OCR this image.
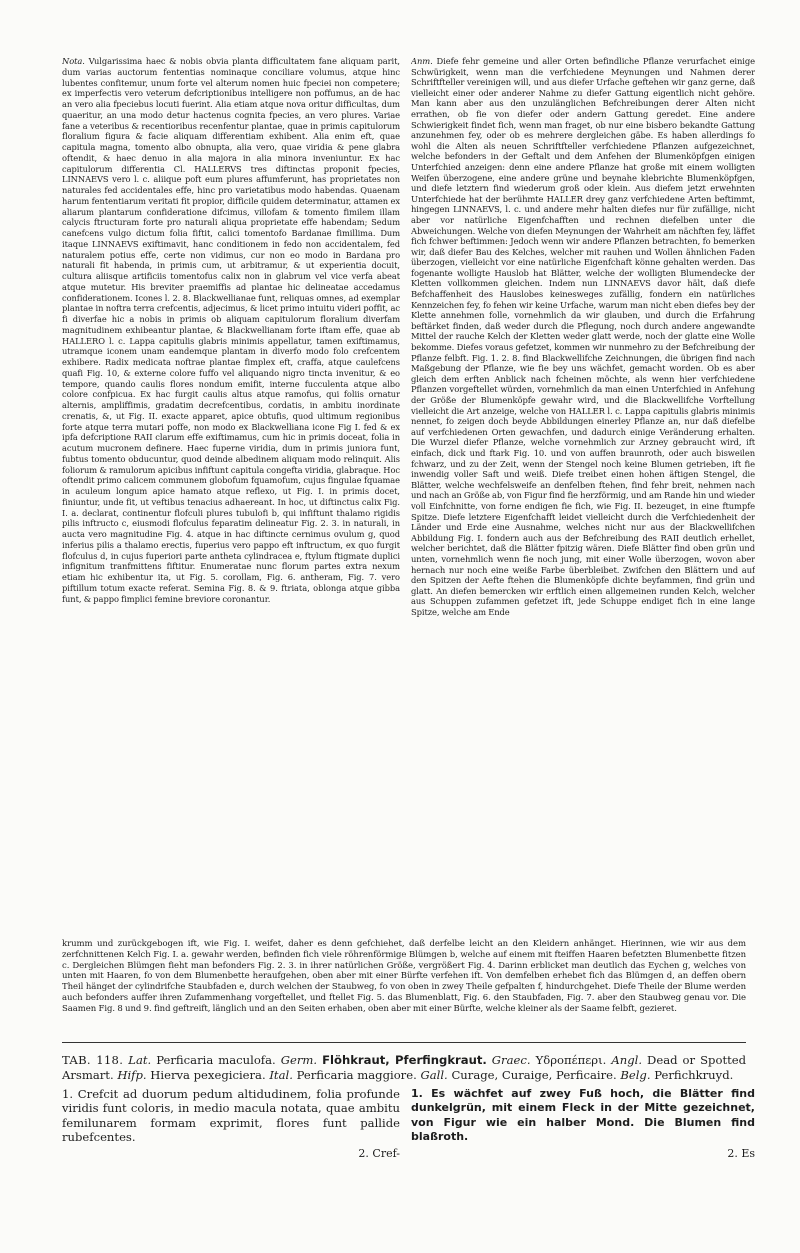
Nota. Vulgarissima haec & nobis obvia planta difficultatem fane aliquam parit, dum varias auctorum fententias nominaque conciliare volumus, atque hinc lubentes confitemur, unum forte vel alterum nomen huic fpeciei non competere; ex imperfectis vero veterum defcriptionibus intelligere non poffumus, an de hac an vero alia fpeciebus locuti fuerint. Alia etiam atque nova oritur difficultas, dum quaeritur, an una modo detur hactenus cognita fpecies, an vero plures. Variae fane a veteribus & recentioribus recenfentur plantae, quae in primis capitulorum floralium figura & facie aliquam differentiam exhibent. Alia enim eft, quae capitula magna, tomento albo obnupta, alia vero, quae viridia & pene glabra oftendit, & haec denuo in alia majora in alia minora inveniuntur. Ex hac capitulorum differentia Cl. HALLERVS tres diftinctas proponit fpecies, LINNAEVS vero l. c. aliique poft eum plures affumferunt, has proprietates non naturales fed accidentales effe, hinc pro varietatibus modo habendas. Quaenam harum fententiarum veritati fit propior, difficile quidem determinatur, attamen ex aliarum plantarum confideratione difcimus, villofam & tomento fimilem illam calycis ftructuram forte pro naturali aliqua proprietate effe habendam; Sedum canefcens vulgo dictum folia fiftit, calici tomentofo Bardanae fimillima. Dum itaque LINNAEVS exiftimavit, hanc conditionem in fedo non accidentalem, fed naturalem potius effe, certe non vidimus, cur non eo modo in Bardana pro naturali fit habenda, in primis cum, ut arbitramur, & ut experientia docuit, cultura aliisque artificiis tomentofus calix non in glabrum vel vice verfa abeat atque mutetur. His breviter praemiffis ad plantae hic delineatae accedamus confiderationem. Icones l. 2. 8. Blackwellianae funt, reliquas omnes, ad exemplar plantae in noftra terra crefcentis, adjecimus, & licet primo intuitu videri poffit, ac fi diverfae hic a nobis in primis ob aliquam capitulorum floralium diverfam magnitudinem exhibeantur plantae, & Blackwellianam forte iftam effe, quae ab HALLERO l. c. Lappa capitulis glabris minimis appellatur, tamen exiftimamus, utramque iconem unam eandemque plantam in diverfo modo folo crefcentem exhibere. Radix medicata noftrae plantae fimplex eft, craffa, atque caulefcens quafi Fig. 10, & externe colore fuffo vel aliquando nigro tincta invenitur, & eo tempore, quando caulis flores nondum emifit, interne fucculenta atque albo colore confpicua. Ex hac furgit caulis altus atque ramofus, qui foliis ornatur alternis, ampliffimis, gradatim decrefcentibus, cordatis, in ambitu inordinate crenatis, &, ut Fig. II. exacte apparet, apice obtufis, quod ultimum regionibus forte atque terra mutari poffe, non modo ex Blackwelliana icone Fig I. fed & ex ipfa defcriptione RAII clarum effe exiftimamus, cum hic in primis doceat, folia in acutum mucronem definere. Haec fuperne viridia, dum in primis juniora funt, fubtus tomento obducuntur, quod deinde albedinem aliquam modo relinquit. Alis foliorum & ramulorum apicibus infiftunt capitula congefta viridia, glabraque. Hoc oftendit primo calicem communem globofum fquamofum, cujus fingulae fquamae in aculeum longum apice hamato atque reflexo, ut Fig. I. in primis docet, finiuntur, unde fit, ut veftibus tenacius adhaereant. In hoc, ut diftinctus calix Fig. I. a. declarat, continentur flofculi plures tubulofi b, qui infiftunt thalamo rigidis pilis inftructo c, eiusmodi flofculus feparatim delineatur Fig. 2. 3. in naturali, in aucta vero magnitudine Fig. 4. atque in hac diftincte cernimus ovulum g, quod inferius pilis a thalamo erectis, fuperius vero pappo eft inftructum, ex quo furgit flofculus d, in cujus fuperiori parte antheta cylindracea e, ftylum ftigmate duplici infignitum tranfmittens fiftitur. Enumeratae nunc florum partes extra nexum etiam hic exhibentur ita, ut Fig. 5. corollam, Fig. 6. antheram, Fig. 7. vero piftillum totum exacte referat. Semina Fig. 8. & 9. ftriata, oblonga atque gibba funt, & pappo fimplici femine breviore coronantur.

Anm. Diefe fehr gemeine und aller Orten befindliche Pflanze verurfachet einige Schwürigkeit, wenn man die verfchiedene Meynungen und Nahmen derer Schriftfteller vereinigen will, und aus diefer Urfache geftehen wir ganz gerne, daß vielleicht einer oder anderer Nahme zu diefer Gattung eigentlich nicht gehöre. Man kann aber aus den unzulänglichen Befchreibungen derer Alten nicht errathen, ob fie von diefer oder andern Gattung geredet. Eine andere Schwierigkeit findet fich, wenn man fraget, ob nur eine bisbero bekandte Gattung anzunehmen fey, oder ob es mehrere dergleichen gäbe. Es haben allerdings fo wohl die Alten als neuen Schriftfteller verfchiedene Pflanzen aufgezeichnet, welche befonders in der Geftalt und dem Anfehen der Blumenköpfgen einigen Unterfchied anzeigen: denn eine andere Pflanze hat große mit einem wolligten Weifen überzogene, eine andere grüne und beynahe klebrichte Blumenköpfgen, und diefe letztern find wiederum groß oder klein. Aus diefem jetzt erwehnten Unterfchiede hat der berühmte HALLER drey ganz verfchiedene Arten beftimmt, hingegen LINNAEVS, l. c. und andere mehr halten diefes nur für zufällige, nicht aber vor natürliche Eigenfchafften und rechnen diefelben unter die Abweichungen. Welche von diefen Meynungen der Wahrheit am nächften fey, läffet fich fchwer beftimmen: Jedoch wenn wir andere Pflanzen betrachten, fo bemerken wir, daß diefer Bau des Kelches, welcher mit rauhen und Wollen ähnlichen Faden überzogen, vielleicht vor eine natürliche Eigenfchaft könne gehalten werden. Das fogenante wolligte Hauslob hat Blätter, welche der wolligten Blumendecke der Kletten vollkommen gleichen. Indem nun LINNAEVS davor hält, daß diefe Befchaffenheit des Hauslobes keinesweges zufällig, fondern ein natürliches Kennzeichen fey, fo fehen wir keine Urfache, warum man nicht eben diefes bey der Klette annehmen folle, vornehmlich da wir glauben, und durch die Erfahrung beftärket finden, daß weder durch die Pflegung, noch durch andere angewandte Mittel der rauche Kelch der Kletten weder glatt werde, noch der glatte eine Wolle bekomme. Diefes voraus gefetzet, kommen wir nunmehro zu der Befchreibung der Pflanze felbft. Fig. 1. 2. 8. find Blackwellifche Zeichnungen, die übrigen find nach Maßgebung der Pflanze, wie fie bey uns wächfet, gemacht worden. Ob es aber gleich dem erften Anblick nach fcheinen möchte, als wenn hier verfchiedene Pflanzen vorgeftellet würden, vornehmlich da man einen Unterfchied in Anfehung der Größe der Blumenköpfe gewahr wird, und die Blackwellifche Vorftellung vielleicht die Art anzeige, welche von HALLER l. c. Lappa capitulis glabris minimis nennet, fo zeigen doch beyde Abbildungen einerley Pflanze an, nur daß diefelbe auf verfchiedenen Orten gewachfen, und dadurch einige Veränderung erhalten. Die Wurzel diefer Pflanze, welche vornehmlich zur Arzney gebraucht wird, ift einfach, dick und ftark Fig. 10. und von auffen braunroth, oder auch bisweilen fchwarz, und zu der Zeit, wenn der Stengel noch keine Blumen getrieben, ift fie inwendig voller Saft und weiß. Diefe treibet einen hohen äftigen Stengel, die Blätter, welche wechfelsweife an denfelben ftehen, find fehr breit, nehmen nach und nach an Größe ab, von Figur find fie herzförmig, und am Rande hin und wieder voll Einfchnitte, von forne endigen fie fich, wie Fig. II. bezeuget, in eine ftumpfe Spitze. Diefe letztere Eigenfchafft leidet vielleicht durch die Verfchiedenheit der Länder und Erde eine Ausnahme, welches nicht nur aus der Blackwellifchen Abbildung Fig. I. fondern auch aus der Befchreibung des RAII deutlich erhellet, welcher berichtet, daß die Blätter fpitzig wären. Diefe Blätter find oben grün und unten, vornehmlich wenn fie noch jung, mit einer Wolle überzogen, wovon aber hernach nur noch eine weiße Farbe überbleibet. Zwifchen den Blättern und auf den Spitzen der Aefte ftehen die Blumenköpfe dichte beyfammen, find grün und glatt. An diefen bemercken wir erftlich einen allgemeinen runden Kelch, welcher aus Schuppen zufammen gefetzet ift, jede Schuppe endiget fich in eine lange Spitze, welche am Ende

krumm und zurückgebogen ift, wie Fig. I. weifet, daher es denn gefchiehet, daß derfelbe leicht an den Kleidern anhänget. Hierinnen, wie wir aus dem zerfchnittenen Kelch Fig. I. a. gewahr werden, befinden fich viele röhrenförmige Blümgen b, welche auf einem mit fteiffen Haaren befetzten Blumenbette fitzen c. Dergleichen Blümgen fieht man befonders Fig. 2. 3. in ihrer natürlichen Größe, vergrößert Fig. 4. Darinn erblicket man deutlich das Eychen g, welches von unten mit Haaren, fo von dem Blumenbette heraufgehen, oben aber mit einer Bürfte verfehen ift. Von demfelben erhebet fich das Blümgen d, an deffen obern Theil hänget der cylindrifche Staubfaden e, durch welchen der Staubweg, fo von oben in zwey Theile gefpalten f, hindurchgehet. Diefe Theile der Blume werden auch befonders auffer ihren Zufammenhang vorgeftellet, und ftellet Fig. 5. das Blumenblatt, Fig. 6. den Staubfaden, Fig. 7. aber den Staubweg genau vor. Die Saamen Fig. 8 und 9. find geftreift, länglich und an den Seiten erhaben, oben aber mit einer Bürfte, welche kleiner als der Saame felbft, gezieret.

TAB. 118. Lat. Perficaria maculofa. Germ. Flöhkraut, Pferfingkraut. Graec. Υδροπέπερι. Angl. Dead or Spotted Arsmart. Hifp. Hierva pexegiciera. Ital. Perficaria maggiore. Gall. Curage, Curaige, Perficaire. Belg. Perfichkruyd.

1. Crefcit ad duorum pedum altidudinem, folia profunde viridis funt coloris, in medio macula notata, quae ambitu femilunarem formam exprimit, flores funt pallide rubefcentes.

2. Cref-

1. Es wächfet auf zwey Fuß hoch, die Blätter find dunkelgrün, mit einem Fleck in der Mitte gezeichnet, von Figur wie ein halber Mond. Die Blumen find blaßroth.

2. Es
